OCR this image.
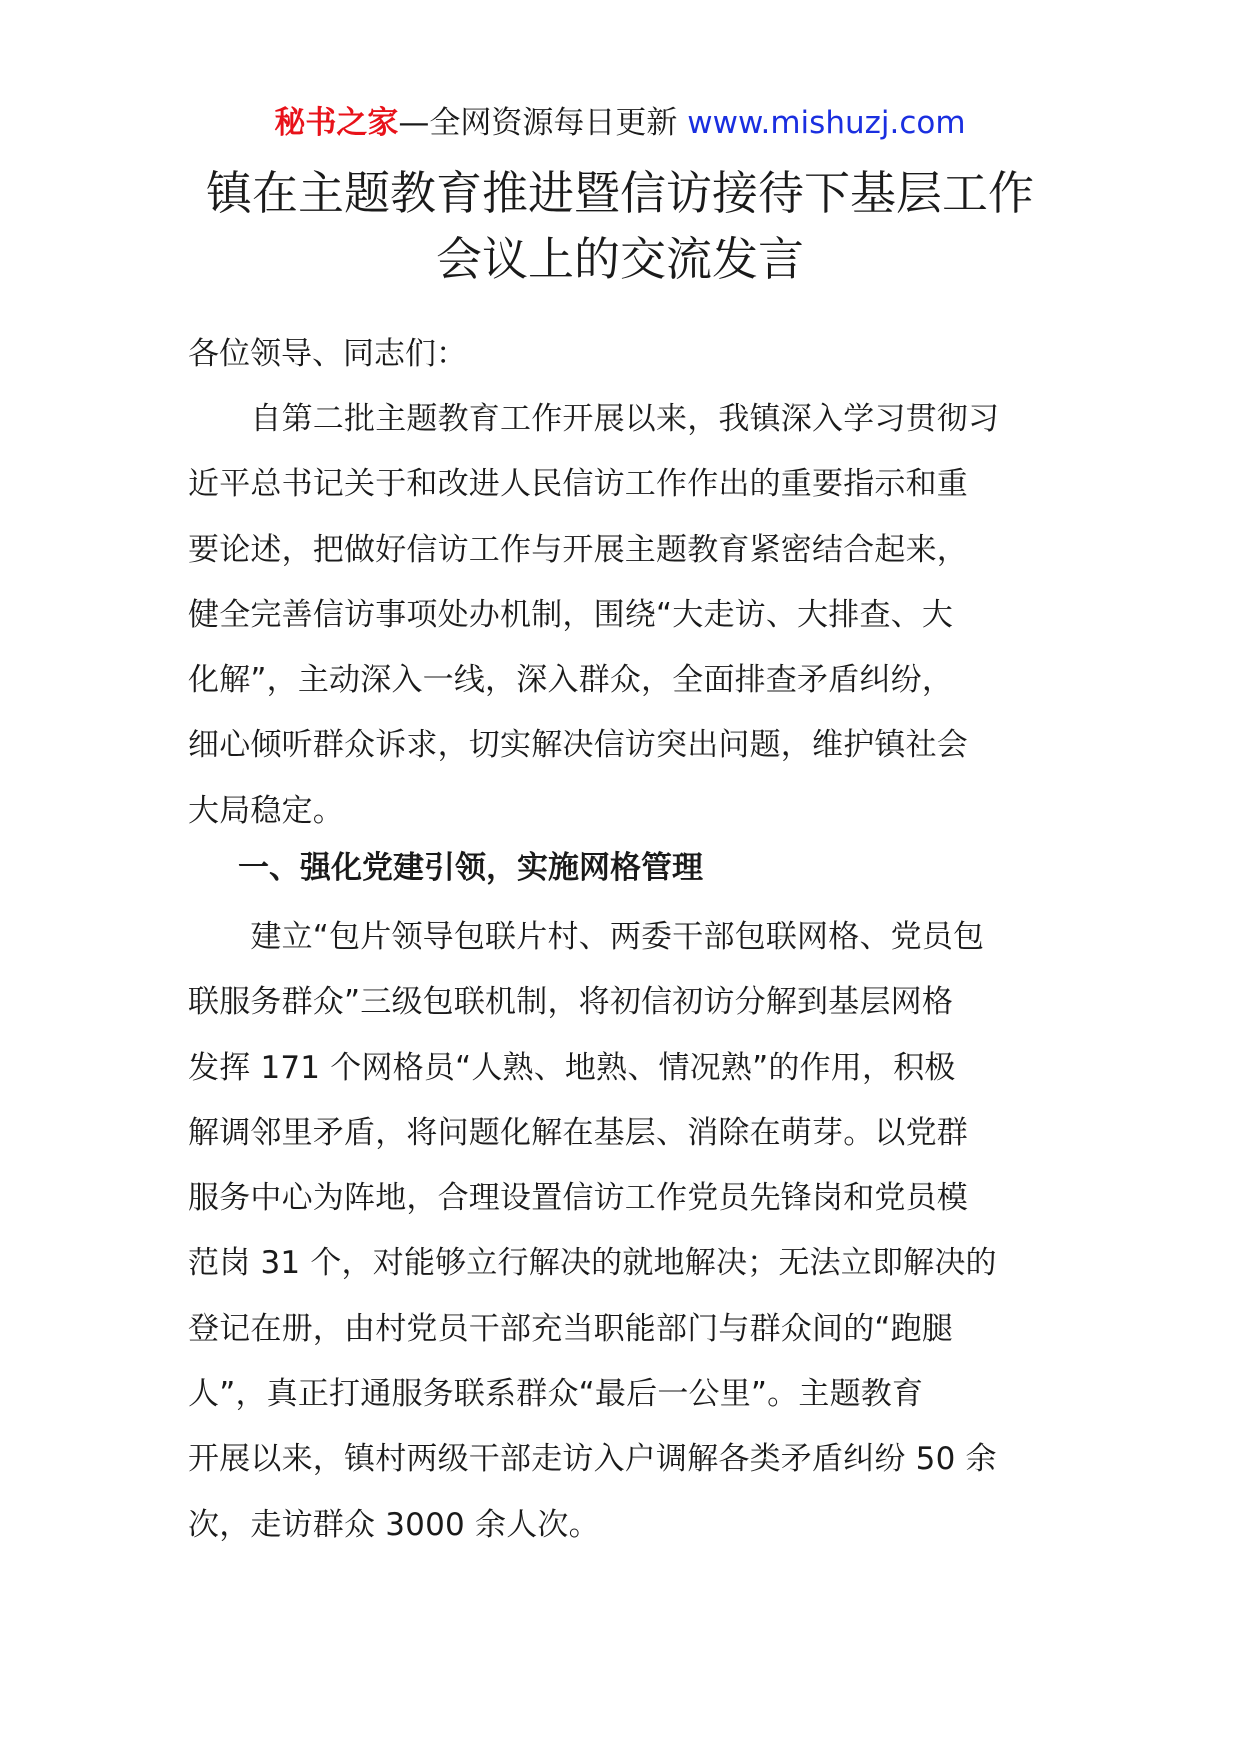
秘书之家—全网资源每日更新 www.mishuzj.com
镇在主题教育推进暨信访接待下基层工作
会议上的交流发言
各位领导、同志们：
　　自第二批主题教育工作开展以来，我镇深入学习贯彻习
近平总书记关于和改进人民信访工作作出的重要指示和重
要论述，把做好信访工作与开展主题教育紧密结合起来，
健全完善信访事项处办机制，围绕“大走访、大排查、大
化解”，主动深入一线，深入群众，全面排查矛盾纠纷，
细心倾听群众诉求，切实解决信访突出问题，维护镇社会
大局稳定。
一、强化党建引领，实施网格管理
　　建立“包片领导包联片村、两委干部包联网格、党员包
联服务群众”三级包联机制，将初信初访分解到基层网格
发挥 171 个网格员“人熟、地熟、情况熟”的作用，积极
解调邻里矛盾，将问题化解在基层、消除在萌芽。以党群
服务中心为阵地，合理设置信访工作党员先锋岗和党员模
范岗 31 个，对能够立行解决的就地解决；无法立即解决的
登记在册，由村党员干部充当职能部门与群众间的“跑腿
人”，真正打通服务联系群众“最后一公里”。主题教育
开展以来，镇村两级干部走访入户调解各类矛盾纠纷 50 余
次，走访群众 3000 余人次。
